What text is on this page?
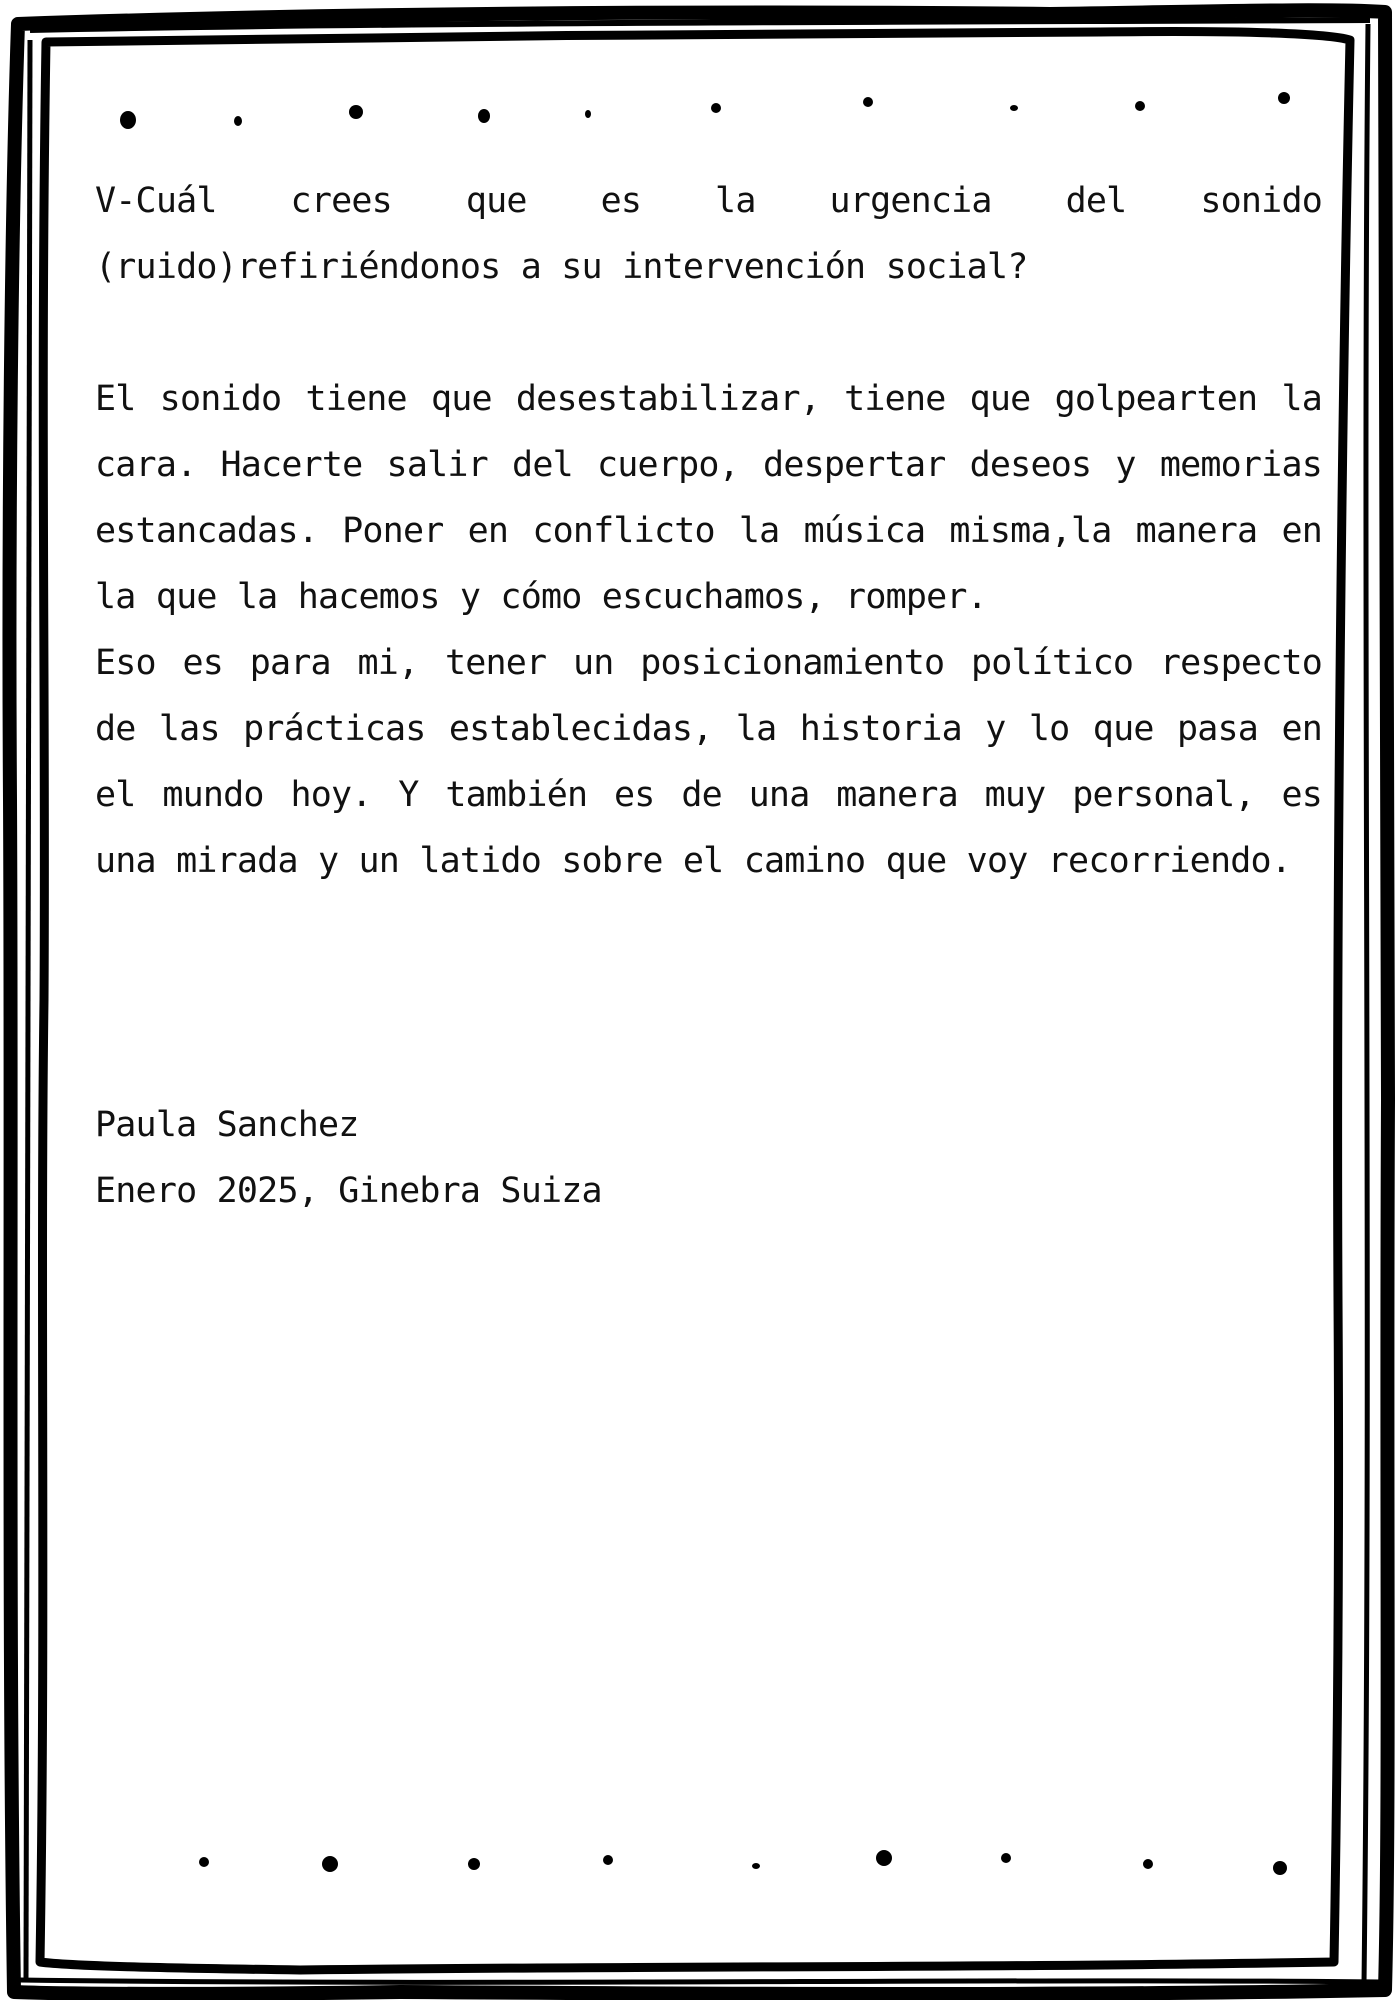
V-Cuál crees que es la urgencia del sonido (ruido)refiriéndonos a su intervención social?

El sonido tiene que desestabilizar, tiene que golpearten la cara. Hacerte salir del cuerpo, despertar deseos y memorias estancadas. Poner en conflicto la música misma,la manera en la que la hacemos y cómo escuchamos, romper.

Eso es para mi, tener un posicionamiento político respecto de las prácticas establecidas, la historia y lo que pasa en el mundo hoy. Y también es de una manera muy personal, es una mirada y un latido sobre el camino que voy recorriendo.

Paula Sanchez
Enero 2025, Ginebra Suiza
